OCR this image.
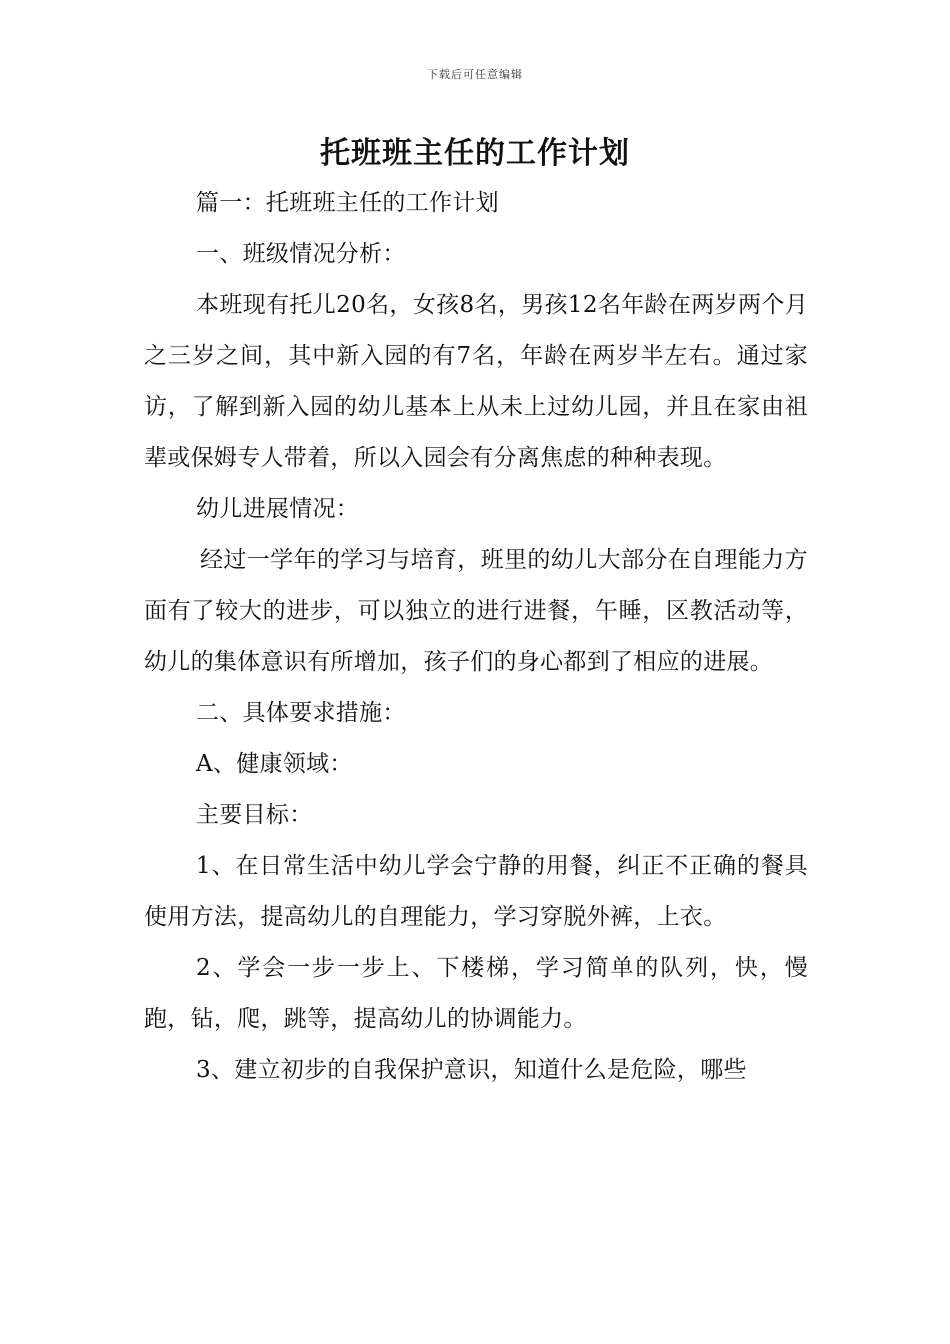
下载后可任意编辑
托班班主任的工作计划

篇一：托班班主任的工作计划

一、班级情况分析：

本班现有托儿20名，女孩8名，男孩12名年龄在两岁两个月之三岁之间，其中新入园的有7名，年龄在两岁半左右。通过家访，了解到新入园的幼儿基本上从未上过幼儿园，并且在家由祖辈或保姆专人带着，所以入园会有分离焦虑的种种表现。

幼儿进展情况：

经过一学年的学习与培育，班里的幼儿大部分在自理能力方面有了较大的进步，可以独立的进行进餐，午睡，区教活动等，幼儿的集体意识有所增加，孩子们的身心都到了相应的进展。

二、具体要求措施：

A、健康领域：

主要目标：

1、在日常生活中幼儿学会宁静的用餐，纠正不正确的餐具使用方法，提高幼儿的自理能力，学习穿脱外裤，上衣。

2、学会一步一步上、下楼梯，学习简单的队列，快，慢跑，钻，爬，跳等，提高幼儿的协调能力。

3、建立初步的自我保护意识，知道什么是危险，哪些
